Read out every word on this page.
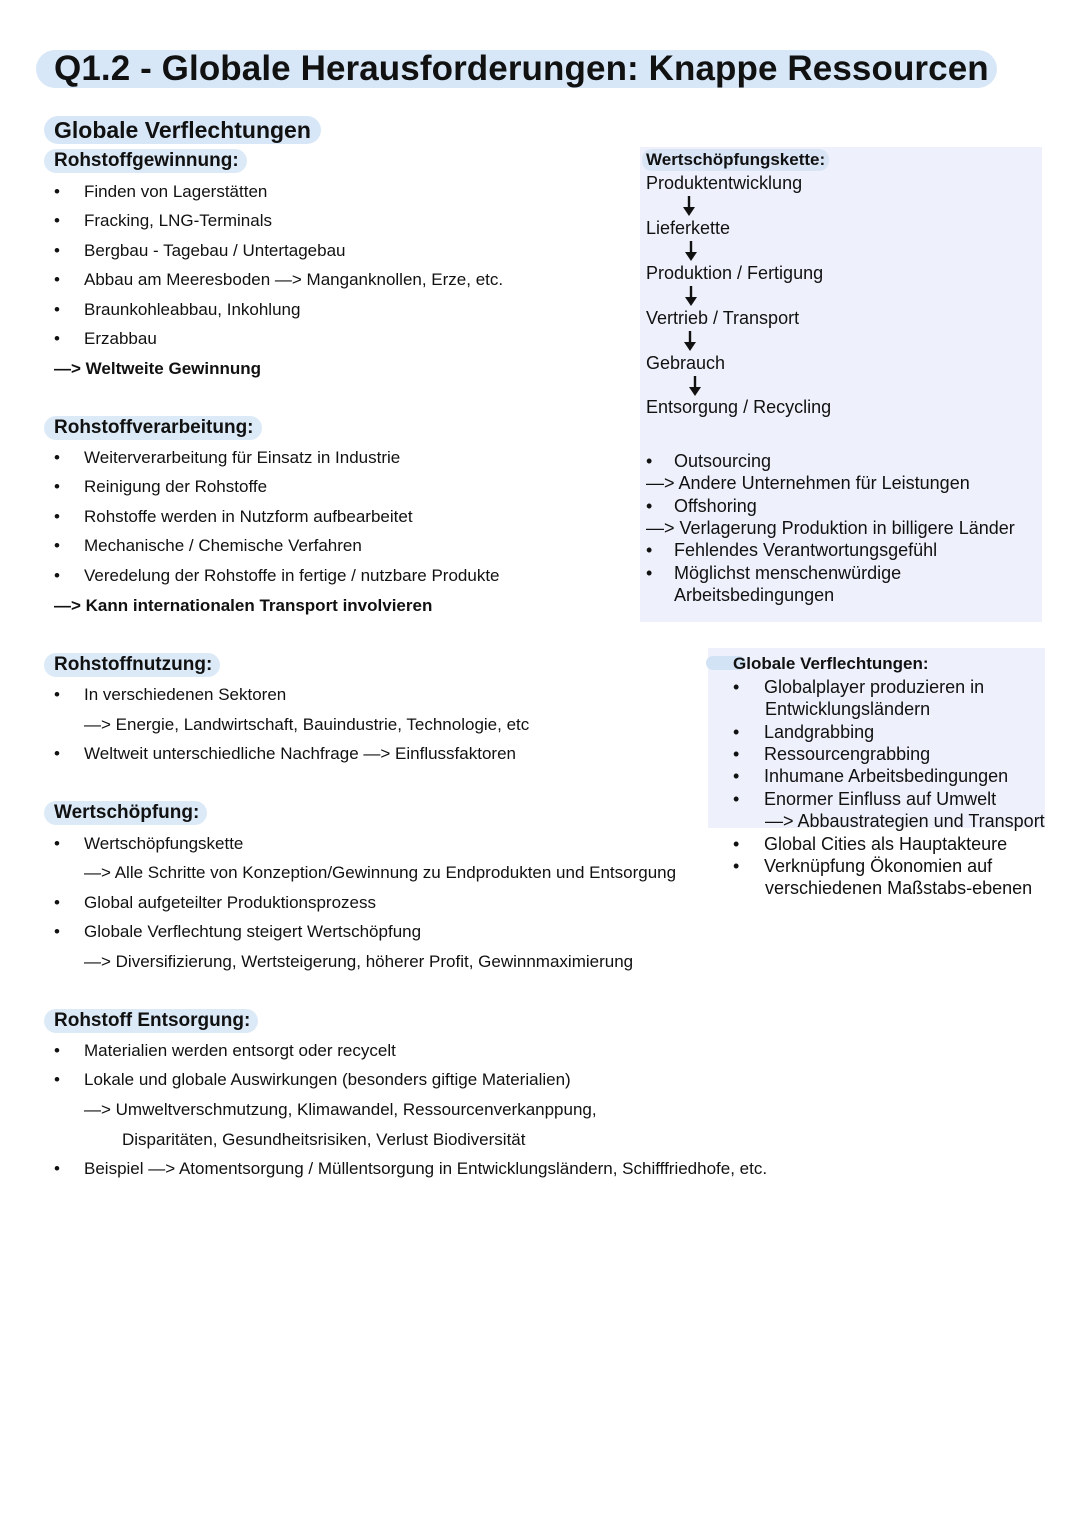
Q1.2 - Globale Herausforderungen: Knappe Ressourcen
Globale Verflechtungen
Rohstoffgewinnung:
• Finden von Lagerstätten
• Fracking, LNG-Terminals
• Bergbau - Tagebau / Untertagebau
• Abbau am Meeresboden —> Manganknollen, Erze, etc.
• Braunkohleabbau, Inkohlung
• Erzabbau
—> Weltweite Gewinnung
Rohstoffverarbeitung:
• Weiterverarbeitung für Einsatz in Industrie
• Reinigung der Rohstoffe
• Rohstoffe werden in Nutzform aufbearbeitet
• Mechanische / Chemische Verfahren
• Veredelung der Rohstoffe in fertige / nutzbare Produkte
—> Kann internationalen Transport involvieren
Rohstoffnutzung:
• In verschiedenen Sektoren
—> Energie, Landwirtschaft, Bauindustrie, Technologie, etc
• Weltweit unterschiedliche Nachfrage —> Einflussfaktoren
Wertschöpfung:
• Wertschöpfungskette
—> Alle Schritte von Konzeption/Gewinnung zu Endprodukten und Entsorgung
• Global aufgeteilter Produktionsprozess
• Globale Verflechtung steigert Wertschöpfung
—> Diversifizierung, Wertsteigerung, höherer Profit, Gewinnmaximierung
Rohstoff Entsorgung:
• Materialien werden entsorgt oder recycelt
• Lokale und globale Auswirkungen (besonders giftige Materialien)
—> Umweltverschmutzung, Klimawandel, Ressourcenverkanppung,
Disparitäten, Gesundheitsrisiken, Verlust Biodiversität
• Beispiel —> Atomentsorgung / Müllentsorgung in Entwicklungsländern, Schifffriedhofe, etc.
Wertschöpfungskette:
Produktentwicklung
Lieferkette
Produktion / Fertigung
Vertrieb / Transport
Gebrauch
Entsorgung / Recycling
• Outsourcing
—> Andere Unternehmen für Leistungen
• Offshoring
—> Verlagerung Produktion in billigere Länder
• Fehlendes Verantwortungsgefühl
• Möglichst menschenwürdige
Arbeitsbedingungen
Globale Verflechtungen:
• Globalplayer produzieren in
Entwicklungsländern
• Landgrabbing
• Ressourcengrabbing
• Inhumane Arbeitsbedingungen
• Enormer Einfluss auf Umwelt
—> Abbaustrategien und Transport
• Global Cities als Hauptakteure
• Verknüpfung Ökonomien auf
verschiedenen Maßstabs-ebenen
